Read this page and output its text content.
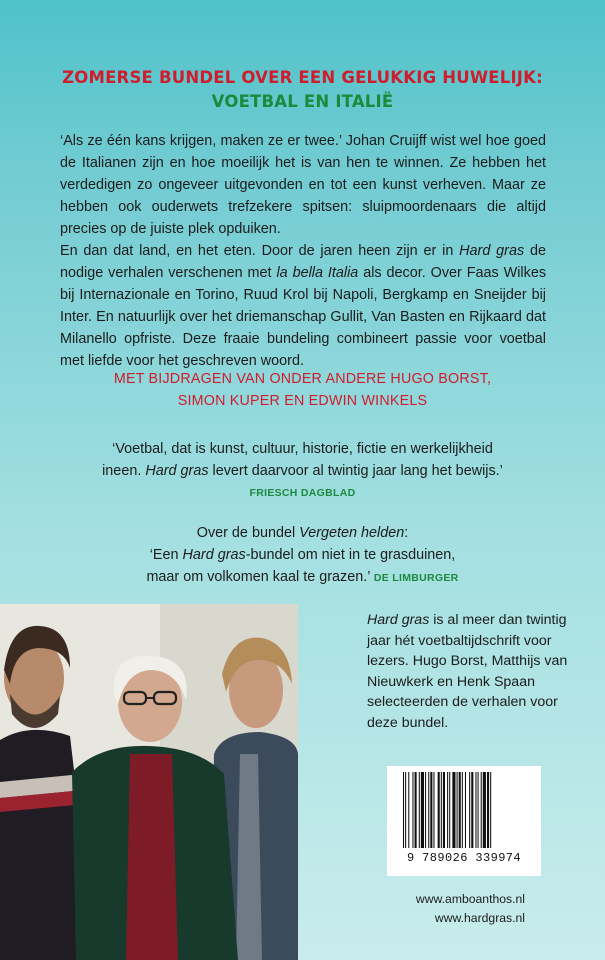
ZOMERSE BUNDEL OVER EEN GELUKKIG HUWELIJK:
VOETBAL EN ITALIË

‘Als ze één kans krijgen, maken ze er twee.’ Johan Cruijff wist wel hoe goed de Italianen zijn en hoe moeilijk het is van hen te winnen. Ze hebben het verdedigen zo ongeveer uitgevonden en tot een kunst verheven. Maar ze hebben ook ouderwets trefzekere spitsen: sluipmoordenaars die altijd precies op de juiste plek opduiken.

En dan dat land, en het eten. Door de jaren heen zijn er in Hard gras de nodige verhalen verschenen met la bella Italia als decor. Over Faas Wilkes bij Internazionale en Torino, Ruud Krol bij Napoli, Bergkamp en Sneijder bij Inter. En natuurlijk over het driemanschap Gullit, Van Basten en Rijkaard dat Milanello opfriste. Deze fraaie bundeling combineert passie voor voetbal met liefde voor het geschreven woord.

MET BIJDRAGEN VAN ONDER ANDERE HUGO BORST,
SIMON KUPER EN EDWIN WINKELS
‘Voetbal, dat is kunst, cultuur, historie, fictie en werkelijkheid
ineen. Hard gras levert daarvoor al twintig jaar lang het bewijs.’
FRIESCH DAGBLAD
Over de bundel Vergeten helden:
‘Een Hard gras-bundel om niet in te grasduinen,
maar om volkomen kaal te grazen.’ DE LIMBURGER
Hard gras is al meer dan twintig jaar hét voetbaltijdschrift voor lezers. Hugo Borst, Matthijs van Nieuwkerk en Henk Spaan selecteerden de verhalen voor deze bundel.
9 789026 339974
www.amboanthos.nl
www.hardgras.nl
